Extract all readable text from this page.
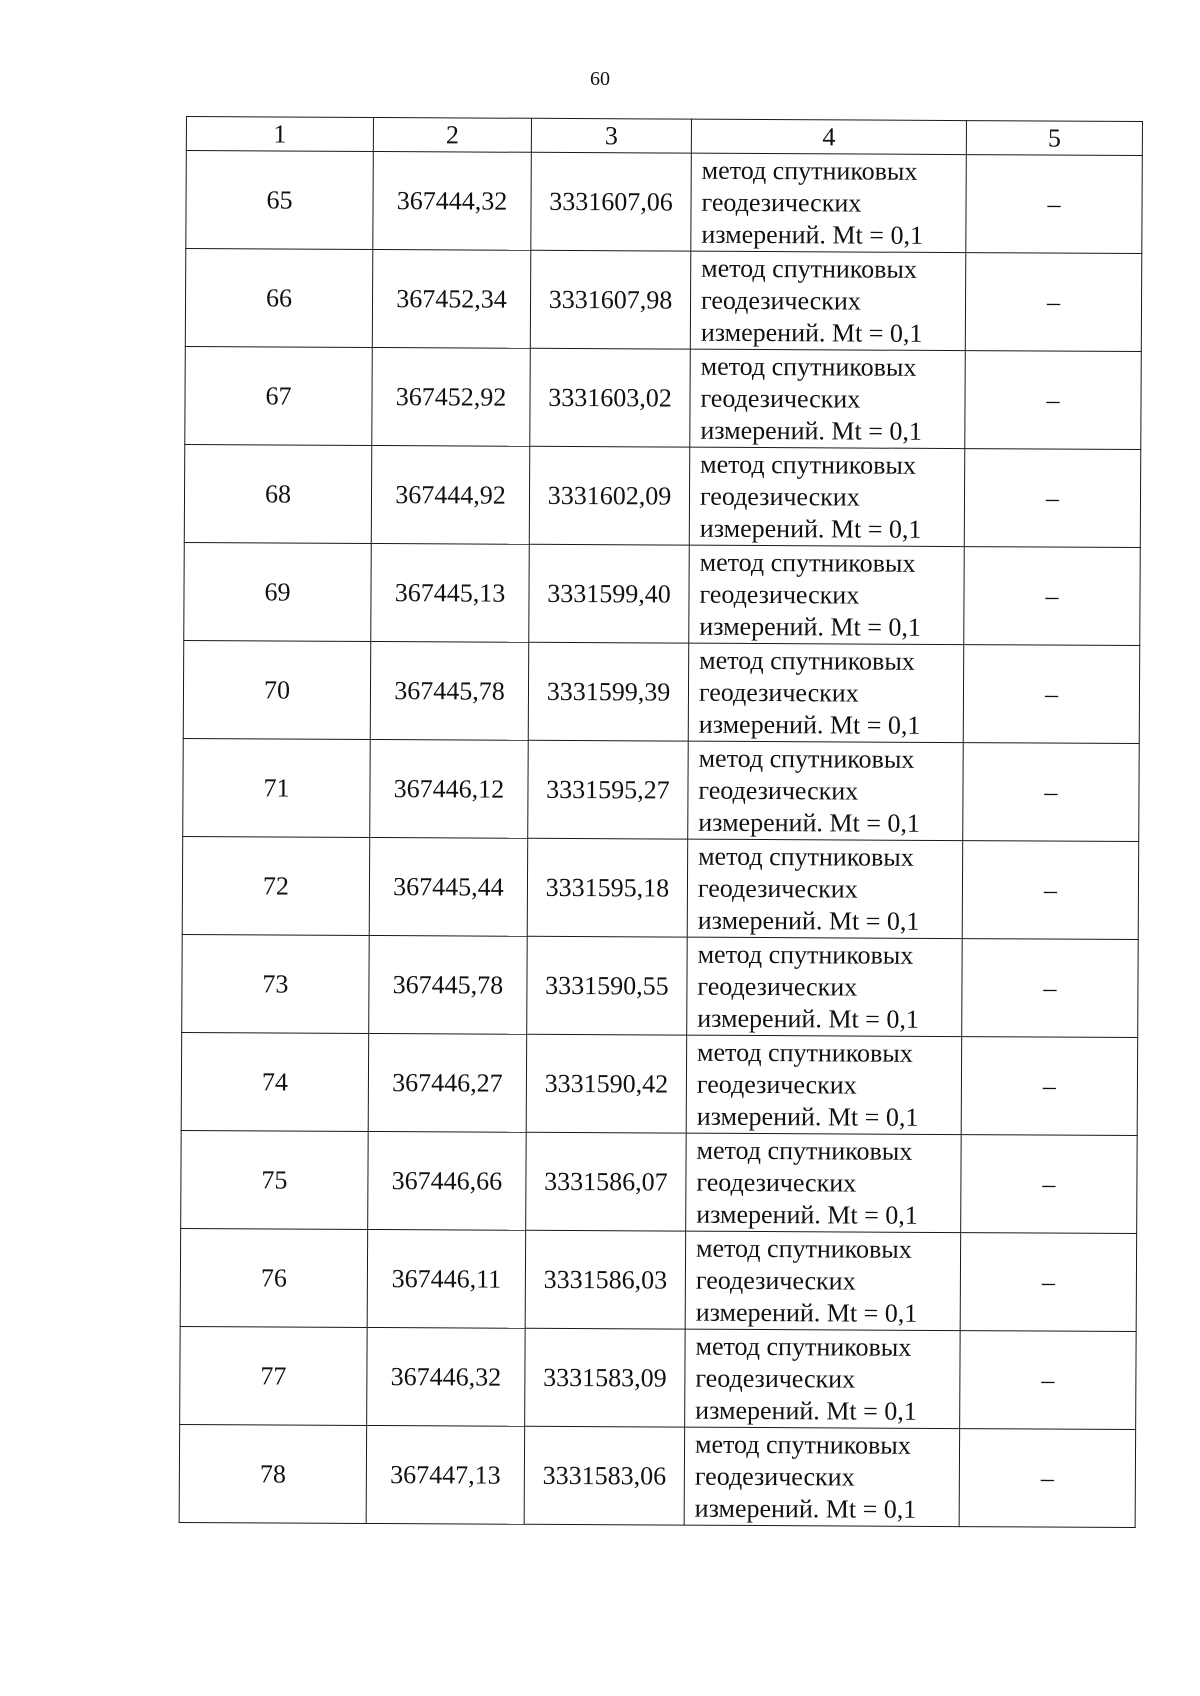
60
1	2	3	4	5
65	367444,32	3331607,06	метод спутниковых
геодезических
измерений. Mt = 0,1	–
66	367452,34	3331607,98	метод спутниковых
геодезических
измерений. Mt = 0,1	–
67	367452,92	3331603,02	метод спутниковых
геодезических
измерений. Mt = 0,1	–
68	367444,92	3331602,09	метод спутниковых
геодезических
измерений. Mt = 0,1	–
69	367445,13	3331599,40	метод спутниковых
геодезических
измерений. Mt = 0,1	–
70	367445,78	3331599,39	метод спутниковых
геодезических
измерений. Mt = 0,1	–
71	367446,12	3331595,27	метод спутниковых
геодезических
измерений. Mt = 0,1	–
72	367445,44	3331595,18	метод спутниковых
геодезических
измерений. Mt = 0,1	–
73	367445,78	3331590,55	метод спутниковых
геодезических
измерений. Mt = 0,1	–
74	367446,27	3331590,42	метод спутниковых
геодезических
измерений. Mt = 0,1	–
75	367446,66	3331586,07	метод спутниковых
геодезических
измерений. Mt = 0,1	–
76	367446,11	3331586,03	метод спутниковых
геодезических
измерений. Mt = 0,1	–
77	367446,32	3331583,09	метод спутниковых
геодезических
измерений. Mt = 0,1	–
78	367447,13	3331583,06	метод спутниковых
геодезических
измерений. Mt = 0,1	–
